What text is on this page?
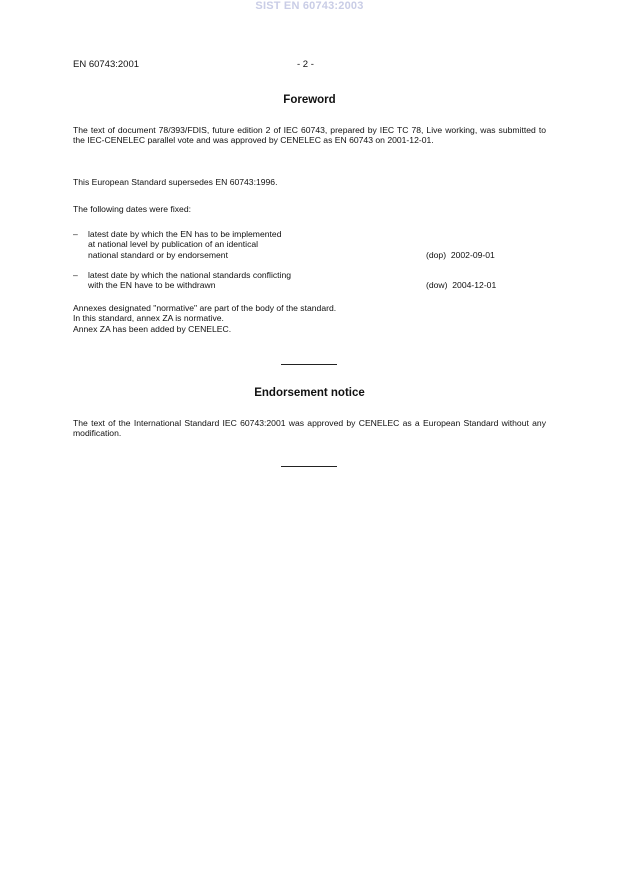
SIST EN 60743:2003
EN 60743:2001	- 2 -
Foreword
The text of document 78/393/FDIS, future edition 2 of IEC 60743, prepared by IEC TC 78, Live working, was submitted to the IEC-CENELEC parallel vote and was approved by CENELEC as EN 60743 on 2001-12-01.
This European Standard supersedes EN 60743:1996.
The following dates were fixed:
– latest date by which the EN has to be implemented
at national level by publication of an identical
national standard or by endorsement	(dop) 2002-09-01
– latest date by which the national standards conflicting
with the EN have to be withdrawn	(dow) 2004-12-01
Annexes designated "normative" are part of the body of the standard.
In this standard, annex ZA is normative.
Annex ZA has been added by CENELEC.
Endorsement notice
The text of the International Standard IEC 60743:2001 was approved by CENELEC as a European Standard without any modification.
